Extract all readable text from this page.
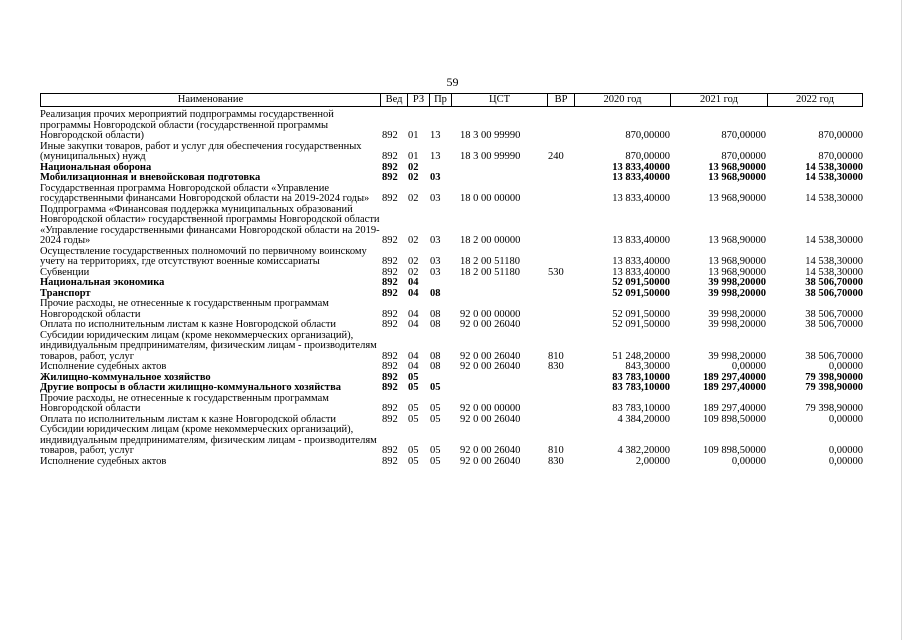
59
Наименование	Вед РЗ Пр	ЦСТ	ВР	2020 год	2021 год	2022 год
Реализация прочих мероприятий подпрограммы государственной программы Новгородской области (государственной программы Новгородской области)	892 01	13	18 3 00 99990	870,00000	870,00000	870,00000
Иные закупки товаров, работ и услуг для обеспечения государственных (муниципальных) нужд	892 01	13	18 3 00 99990	240	870,00000	870,00000	870,00000
Национальная оборона	892 02	13 833,40000	13 968,90000	14 538,30000
Мобилизационная и вневойсковая подготовка	892 02	03	13 833,40000	13 968,90000	14 538,30000
Государственная программа Новгородской области «Управление государственными финансами Новгородской области на 2019-2024 годы»	892 02	03	18 0 00 00000	13 833,40000	13 968,90000	14 538,30000
Подпрограмма «Финансовая поддержка муниципальных образований Новгородской области» государственной программы Новгородской области «Управление государственными финансами Новгородской области на 2019-2024 годы»	892 02	03	18 2 00 00000	13 833,40000	13 968,90000	14 538,30000
Осуществление государственных полномочий по первичному воинскому учету на территориях, где отсутствуют военные комиссариаты	892 02	03	18 2 00 51180	13 833,40000	13 968,90000	14 538,30000
Субвенции	892 02	03	18 2 00 51180	530	13 833,40000	13 968,90000	14 538,30000
Национальная экономика	892 04	52 091,50000	39 998,20000	38 506,70000
Транспорт	892 04	08	52 091,50000	39 998,20000	38 506,70000
Прочие расходы, не отнесенные к государственным программам Новгородской области	892 04	08	92 0 00 00000	52 091,50000	39 998,20000	38 506,70000
Оплата по исполнительным листам к казне Новгородской области	892 04	08	92 0 00 26040	52 091,50000	39 998,20000	38 506,70000
Субсидии юридическим лицам (кроме некоммерческих организаций), индивидуальным предпринимателям, физическим лицам - производителям товаров, работ, услуг	892 04	08	92 0 00 26040	810	51 248,20000	39 998,20000	38 506,70000
Исполнение судебных актов	892 04	08	92 0 00 26040	830	843,30000	0,00000	0,00000
Жилищно-коммунальное хозяйство	892 05	83 783,10000	189 297,40000	79 398,90000
Другие вопросы в области жилищно-коммунального хозяйства	892 05	05	83 783,10000	189 297,40000	79 398,90000
Прочие расходы, не отнесенные к государственным программам Новгородской области	892 05	05	92 0 00 00000	83 783,10000	189 297,40000	79 398,90000
Оплата по исполнительным листам к казне Новгородской области	892 05	05	92 0 00 26040	4 384,20000	109 898,50000	0,00000
Субсидии юридическим лицам (кроме некоммерческих организаций), индивидуальным предпринимателям, физическим лицам - производителям товаров, работ, услуг	892 05	05	92 0 00 26040	810	4 382,20000	109 898,50000	0,00000
Исполнение судебных актов	892 05	05	92 0 00 26040	830	2,00000	0,00000	0,00000
